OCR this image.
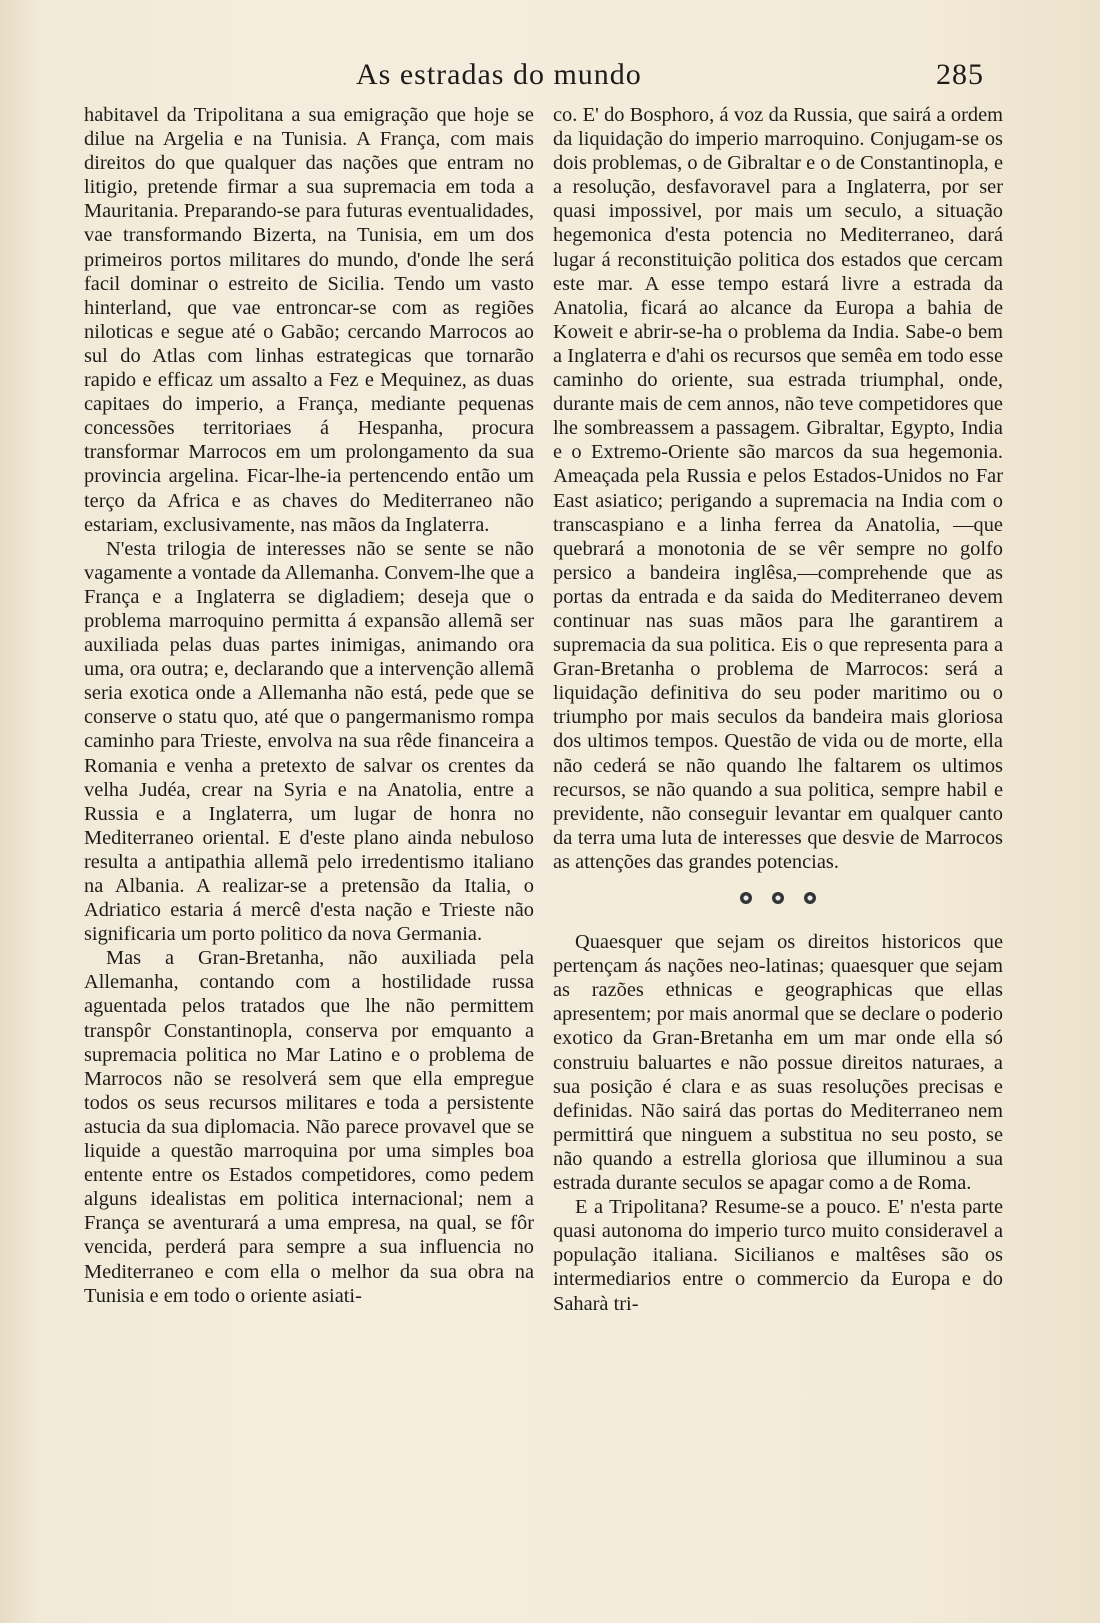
As estradas do mundo	285

habitavel da Tripolitana a sua emigração que hoje se dilue na Argelia e na Tunisia. A França, com mais direitos do que qualquer das nações que entram no litigio, pretende firmar a sua supremacia em toda a Mauritania. Preparando-se para futuras eventualidades, vae transformando Bizerta, na Tunisia, em um dos primeiros portos militares do mundo, d'onde lhe será facil dominar o estreito de Sicilia. Tendo um vasto hinterland, que vae entroncar-se com as regiões niloticas e segue até o Gabão; cercando Marrocos ao sul do Atlas com linhas estrategicas que tornarão rapido e efficaz um assalto a Fez e Mequinez, as duas capitaes do imperio, a França, mediante pequenas concessões territoriaes á Hespanha, procura transformar Marrocos em um prolongamento da sua provincia argelina. Ficar-lhe-ia pertencendo então um terço da Africa e as chaves do Mediterraneo não estariam, exclusivamente, nas mãos da Inglaterra.

N'esta trilogia de interesses não se sente se não vagamente a vontade da Allemanha. Convem-lhe que a França e a Inglaterra se digladiem; deseja que o problema marroquino permitta á expansão allemã ser auxiliada pelas duas partes inimigas, animando ora uma, ora outra; e, declarando que a intervenção allemã seria exotica onde a Allemanha não está, pede que se conserve o statu quo, até que o pangermanismo rompa caminho para Trieste, envolva na sua rêde financeira a Romania e venha a pretexto de salvar os crentes da velha Judéa, crear na Syria e na Anatolia, entre a Russia e a Inglaterra, um lugar de honra no Mediterraneo oriental. E d'este plano ainda nebuloso resulta a antipathia allemã pelo irredentismo italiano na Albania. A realizar-se a pretensão da Italia, o Adriatico estaria á mercê d'esta nação e Trieste não significaria um porto politico da nova Germania.

Mas a Gran-Bretanha, não auxiliada pela Allemanha, contando com a hostilidade russa aguentada pelos tratados que lhe não permittem transpôr Constantinopla, conserva por emquanto a supremacia politica no Mar Latino e o problema de Marrocos não se resolverá sem que ella empregue todos os seus recursos militares e toda a persistente astucia da sua diplomacia. Não parece provavel que se liquide a questão marroquina por uma simples boa entente entre os Estados competidores, como pedem alguns idealistas em politica internacional; nem a França se aventurará a uma empresa, na qual, se fôr vencida, perderá para sempre a sua influencia no Mediterraneo e com ella o melhor da sua obra na Tunisia e em todo o oriente asiati-

co. E' do Bosphoro, á voz da Russia, que sairá a ordem da liquidação do imperio marroquino. Conjugam-se os dois problemas, o de Gibraltar e o de Constantinopla, e a resolução, desfavoravel para a Inglaterra, por ser quasi impossivel, por mais um seculo, a situação hegemonica d'esta potencia no Mediterraneo, dará lugar á reconstituição politica dos estados que cercam este mar. A esse tempo estará livre a estrada da Anatolia, ficará ao alcance da Europa a bahia de Koweit e abrir-se-ha o problema da India. Sabe-o bem a Inglaterra e d'ahi os recursos que semêa em todo esse caminho do oriente, sua estrada triumphal, onde, durante mais de cem annos, não teve competidores que lhe sombreassem a passagem. Gibraltar, Egypto, India e o Extremo-Oriente são marcos da sua hegemonia. Ameaçada pela Russia e pelos Estados-Unidos no Far East asiatico; perigando a supremacia na India com o transcaspiano e a linha ferrea da Anatolia, —que quebrará a monotonia de se vêr sempre no golfo persico a bandeira inglêsa,—comprehende que as portas da entrada e da saida do Mediterraneo devem continuar nas suas mãos para lhe garantirem a supremacia da sua politica. Eis o que representa para a Gran-Bretanha o problema de Marrocos: será a liquidação definitiva do seu poder maritimo ou o triumpho por mais seculos da bandeira mais gloriosa dos ultimos tempos. Questão de vida ou de morte, ella não cederá se não quando lhe faltarem os ultimos recursos, se não quando a sua politica, sempre habil e previdente, não conseguir levantar em qualquer canto da terra uma luta de interesses que desvie de Marrocos as attenções das grandes potencias.

Quaesquer que sejam os direitos historicos que pertençam ás nações neo-latinas; quaesquer que sejam as razões ethnicas e geographicas que ellas apresentem; por mais anormal que se declare o poderio exotico da Gran-Bretanha em um mar onde ella só construiu baluartes e não possue direitos naturaes, a sua posição é clara e as suas resoluções precisas e definidas. Não sairá das portas do Mediterraneo nem permittirá que ninguem a substitua no seu posto, se não quando a estrella gloriosa que illuminou a sua estrada durante seculos se apagar como a de Roma.

E a Tripolitana? Resume-se a pouco. E' n'esta parte quasi autonoma do imperio turco muito consideravel a população italiana. Sicilianos e maltêses são os intermediarios entre o commercio da Europa e do Saharà tri-
